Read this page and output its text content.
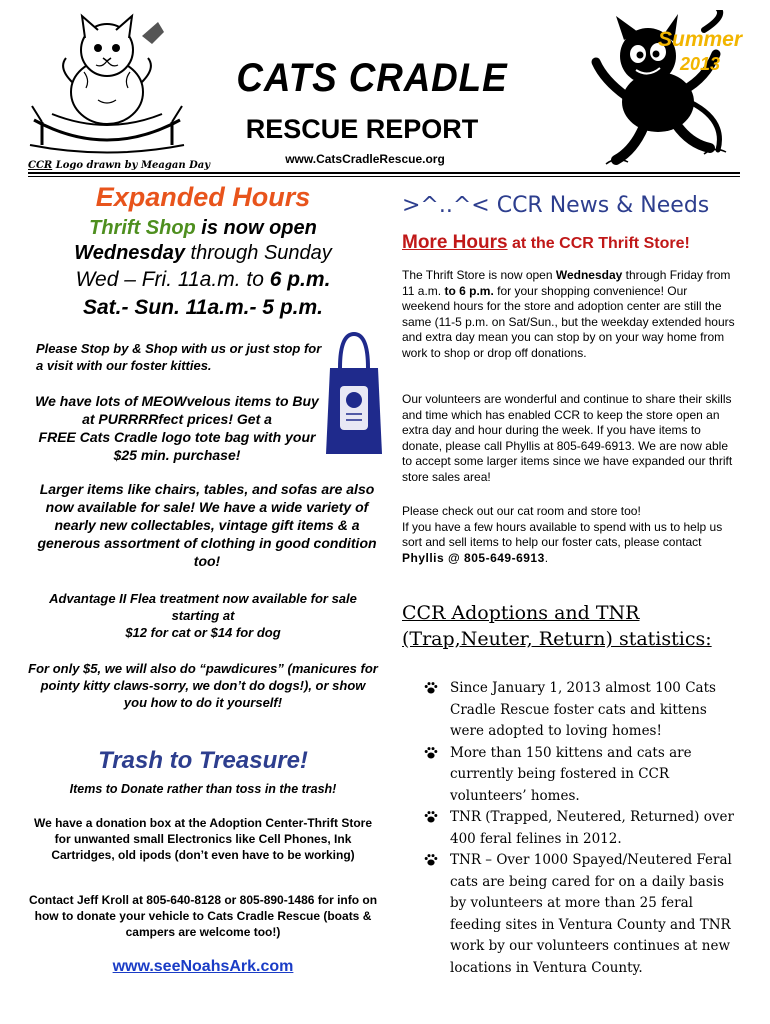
CCR Logo drawn by Meagan Day
CATS CRADLE
RESCUE REPORT
www.CatsCradleRescue.org
Summer
2013
Expanded Hours
Thrift Shop is now open
Wednesday through Sunday
Wed – Fri. 11a.m. to 6 p.m.
Sat.- Sun. 11a.m.- 5 p.m.
Please Stop by & Shop with us or just stop for a visit with our foster kitties.
We have lots of MEOWvelous items to Buy at PURRRRfect prices! Get a
FREE Cats Cradle logo tote bag with your $25 min. purchase!
Larger items like chairs, tables, and sofas are also now available for sale! We have a wide variety of nearly new collectables, vintage gift items & a generous assortment of clothing in good condition too!
Advantage II Flea treatment now available for sale starting at
$12 for cat or $14 for dog
For only $5, we will also do “pawdicures” (manicures for pointy kitty claws-sorry, we don’t do dogs!), or show you how to do it yourself!
Trash to Treasure!
Items to Donate rather than toss in the trash!
We have a donation box at the Adoption Center-Thrift Store for unwanted small Electronics like Cell Phones, Ink Cartridges, old ipods (don’t even have to be working)
Contact Jeff Kroll at 805-640-8128 or 805-890-1486 for info on how to donate your vehicle to Cats Cradle Rescue (boats & campers are welcome too!)
www.seeNoahsArk.com
>^..^< CCR News & Needs
More Hours at the CCR Thrift Store!
The Thrift Store is now open Wednesday through Friday from 11 a.m. to 6 p.m. for your shopping convenience! Our weekend hours for the store and adoption center are still the same (11-5 p.m. on Sat/Sun., but the weekday extended hours and extra day mean you can stop by on your way home from work to shop or drop off donations.
Our volunteers are wonderful and continue to share their skills and time which has enabled CCR to keep the store open an extra day and hour during the week. If you have items to donate, please call Phyllis at 805-649-6913. We are now able to accept some larger items since we have expanded our thrift store sales area!
Please check out our cat room and store too!
If you have a few hours available to spend with us to help us sort and sell items to help our foster cats, please contact Phyllis @ 805-649-6913.
CCR Adoptions and TNR (Trap,Neuter, Return) statistics:
Since January 1, 2013 almost 100 Cats Cradle Rescue foster cats and kittens were adopted to loving homes!
More than 150 kittens and cats are currently being fostered in CCR volunteers’ homes.
TNR (Trapped, Neutered, Returned) over 400 feral felines in 2012.
TNR – Over 1000 Spayed/Neutered Feral cats are being cared for on a daily basis by volunteers at more than 25 feral feeding sites in Ventura County and TNR work by our volunteers continues at new locations in Ventura County.
